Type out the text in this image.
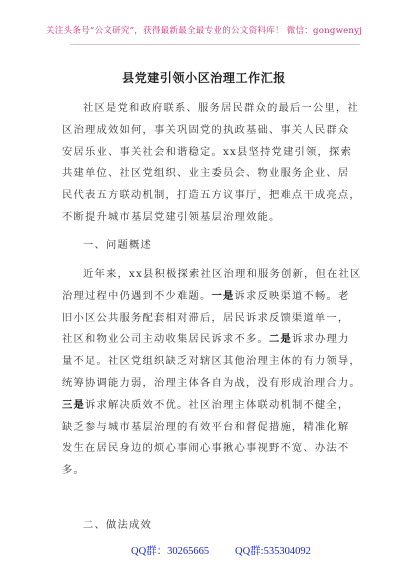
关注头条号“公文研究”，获得最新最全最专业的公文资料库！ 微信：gongwenyj
县党建引领小区治理工作汇报
社区是党和政府联系、服务居民群众的最后一公里，社
区治理成效如何，事关巩固党的执政基础、事关人民群众
安居乐业、事关社会和谐稳定。xx县坚持党建引领，探索
共建单位、社区党组织、业主委员会、物业服务企业、居
民代表五方联动机制，打造五方议事厅，把难点干成亮点，
不断提升城市基层党建引领基层治理效能。
一、问题概述
近年来，xx县积极探索社区治理和服务创新，但在社区
治理过程中仍遇到不少难题。一是诉求反映渠道不畅。老
旧小区公共服务配套相对滞后，居民诉求反馈渠道单一，
社区和物业公司主动收集居民诉求不多。二是诉求办理力
量不足。社区党组织缺乏对辖区其他治理主体的有力领导，
统筹协调能力弱，治理主体各自为战，没有形成治理合力。
三是诉求解决质效不优。社区治理主体联动机制不健全，
缺乏参与城市基层治理的有效平台和督促措施，精准化解
发生在居民身边的烦心事闹心事揪心事视野不宽、办法不
多。
二、做法成效
QQ群：30265665 QQ群:535304092
